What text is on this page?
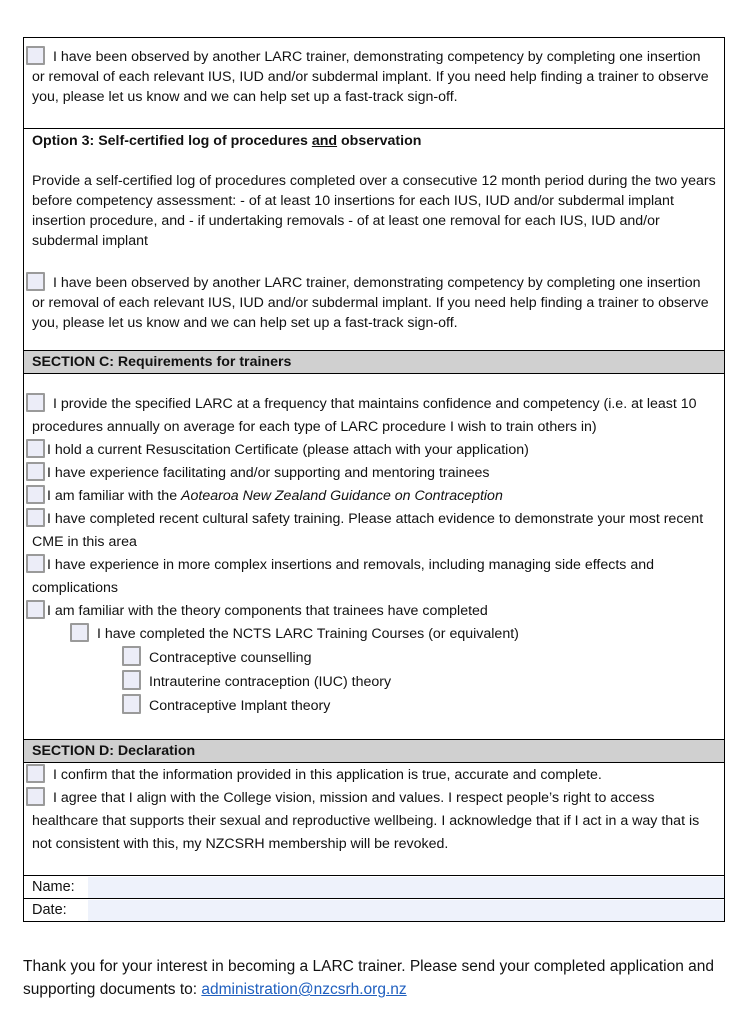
I have been observed by another LARC trainer, demonstrating competency by completing one insertion or removal of each relevant IUS, IUD and/or subdermal implant. If you need help finding a trainer to observe you, please let us know and we can help set up a fast-track sign-off.
Option 3: Self-certified log of procedures and observation
Provide a self-certified log of procedures completed over a consecutive 12 month period during the two years before competency assessment: - of at least 10 insertions for each IUS, IUD and/or subdermal implant insertion procedure, and - if undertaking removals - of at least one removal for each IUS, IUD and/or subdermal implant
I have been observed by another LARC trainer, demonstrating competency by completing one insertion or removal of each relevant IUS, IUD and/or subdermal implant. If you need help finding a trainer to observe you, please let us know and we can help set up a fast-track sign-off.
SECTION C: Requirements for trainers
I provide the specified LARC at a frequency that maintains confidence and competency (i.e. at least 10 procedures annually on average for each type of LARC procedure I wish to train others in)
I hold a current Resuscitation Certificate (please attach with your application)
I have experience facilitating and/or supporting and mentoring trainees
I am familiar with the Aotearoa New Zealand Guidance on Contraception
I have completed recent cultural safety training. Please attach evidence to demonstrate your most recent CME in this area
I have experience in more complex insertions and removals, including managing side effects and complications
I am familiar with the theory components that trainees have completed
I have completed the NCTS LARC Training Courses (or equivalent)
Contraceptive counselling
Intrauterine contraception (IUC) theory
Contraceptive Implant theory
SECTION D: Declaration
I confirm that the information provided in this application is true, accurate and complete.
I agree that I align with the College vision, mission and values. I respect people’s right to access healthcare that supports their sexual and reproductive wellbeing. I acknowledge that if I act in a way that is not consistent with this, my NZCSRH membership will be revoked.
Name:
Date:
Thank you for your interest in becoming a LARC trainer. Please send your completed application and supporting documents to: administration@nzcsrh.org.nz
